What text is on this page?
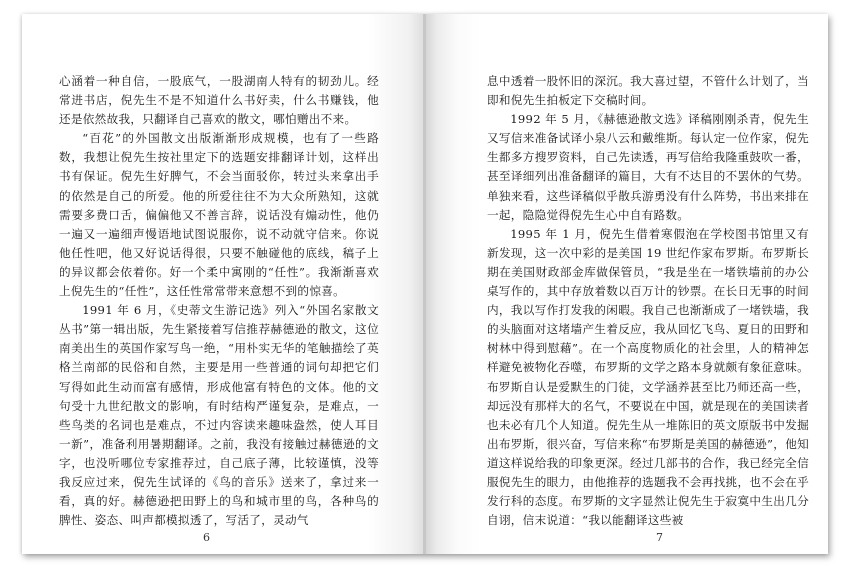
心涵着一种自信，一股底气，一股湖南人特有的韧劲儿。经常进书店，倪先生不是不知道什么书好卖，什么书赚钱，他还是依然故我，只翻译自己喜欢的散文，哪怕赠出不来。

“百花”的外国散文出版渐渐形成规模，也有了一些路数，我想让倪先生按社里定下的选题安排翻译计划，这样出书有保证。倪先生好脾气，不会当面驳你，转过头来拿出手的依然是自己的所爱。他的所爱往往不为大众所熟知，这就需要多费口舌，偏偏他又不善言辞，说话没有煽动性，他仍一遍又一遍细声慢语地试图说服你，说不动就守信来。你说他任性吧，他又好说话得很，只要不触碰他的底线，稿子上的异议都会依着你。好一个柔中寓刚的“任性”。我渐渐喜欢上倪先生的“任性”，这任性常常带来意想不到的惊喜。

1991 年 6 月，《史蒂文生游记选》列入“外国名家散文丛书”第一辑出版，先生紧接着写信推荐赫德逊的散文，这位南美出生的英国作家写鸟一绝，“用朴实无华的笔触描绘了英格兰南部的民俗和自然，主要是用一些普通的词句却把它们写得如此生动而富有感情，形成他富有特色的文体。他的文句受十九世纪散文的影响，有时结构严谨复杂，是难点，一些鸟类的名词也是难点，不过内容读来趣味盎然，使人耳目一新”，准备利用暑期翻译。之前，我没有接触过赫德逊的文字，也没听哪位专家推荐过，自己底子薄，比较谨慎，没等我反应过来，倪先生试译的《鸟的音乐》送来了，拿过来一看，真的好。赫德逊把田野上的鸟和城市里的鸟，各种鸟的脾性、姿态、叫声都模拟透了，写活了，灵动气

6

息中透着一股怀旧的深沉。我大喜过望，不管什么计划了，当即和倪先生拍板定下交稿时间。

1992 年 5 月，《赫德逊散文选》译稿刚刚杀青，倪先生又写信来准备试译小泉八云和戴维斯。每认定一位作家，倪先生都多方搜罗资料，自己先读透，再写信给我隆重鼓吹一番，甚至译细列出准备翻译的篇目，大有不达目的不罢休的气势。单独来看，这些译稿似乎散兵游勇没有什么阵势，书出来排在一起，隐隐觉得倪先生心中自有路数。

1995 年 1 月，倪先生借着寒假泡在学校图书馆里又有新发现，这一次中彩的是美国 19 世纪作家布罗斯。布罗斯长期在美国财政部金库做保管员，“我是坐在一堵铁墙前的办公桌写作的，其中存放着数以百万计的钞票。在长日无事的时间内，我以写作打发我的闲暇。我自己也渐渐成了一堵铁墙，我的头脑面对这堵墙产生着反应，我从回忆飞鸟、夏日的田野和树林中得到慰藉”。在一个高度物质化的社会里，人的精神怎样避免被物化吞噬，布罗斯的文学之路本身就颇有象征意味。布罗斯自认是爱默生的门徒，文学涵养甚至比乃师还高一些，却远没有那样大的名气，不要说在中国，就是现在的美国读者也未必有几个人知道。倪先生从一堆陈旧的英文原版书中发掘出布罗斯，很兴奋，写信来称“布罗斯是美国的赫德逊”，他知道这样说给我的印象更深。经过几部书的合作，我已经完全信服倪先生的眼力，由他推荐的选题我不会再找挑，也不会在乎发行科的态度。布罗斯的文字显然让倪先生于寂寞中生出几分自诩，信末说道：“我以能翻译这些被

7
